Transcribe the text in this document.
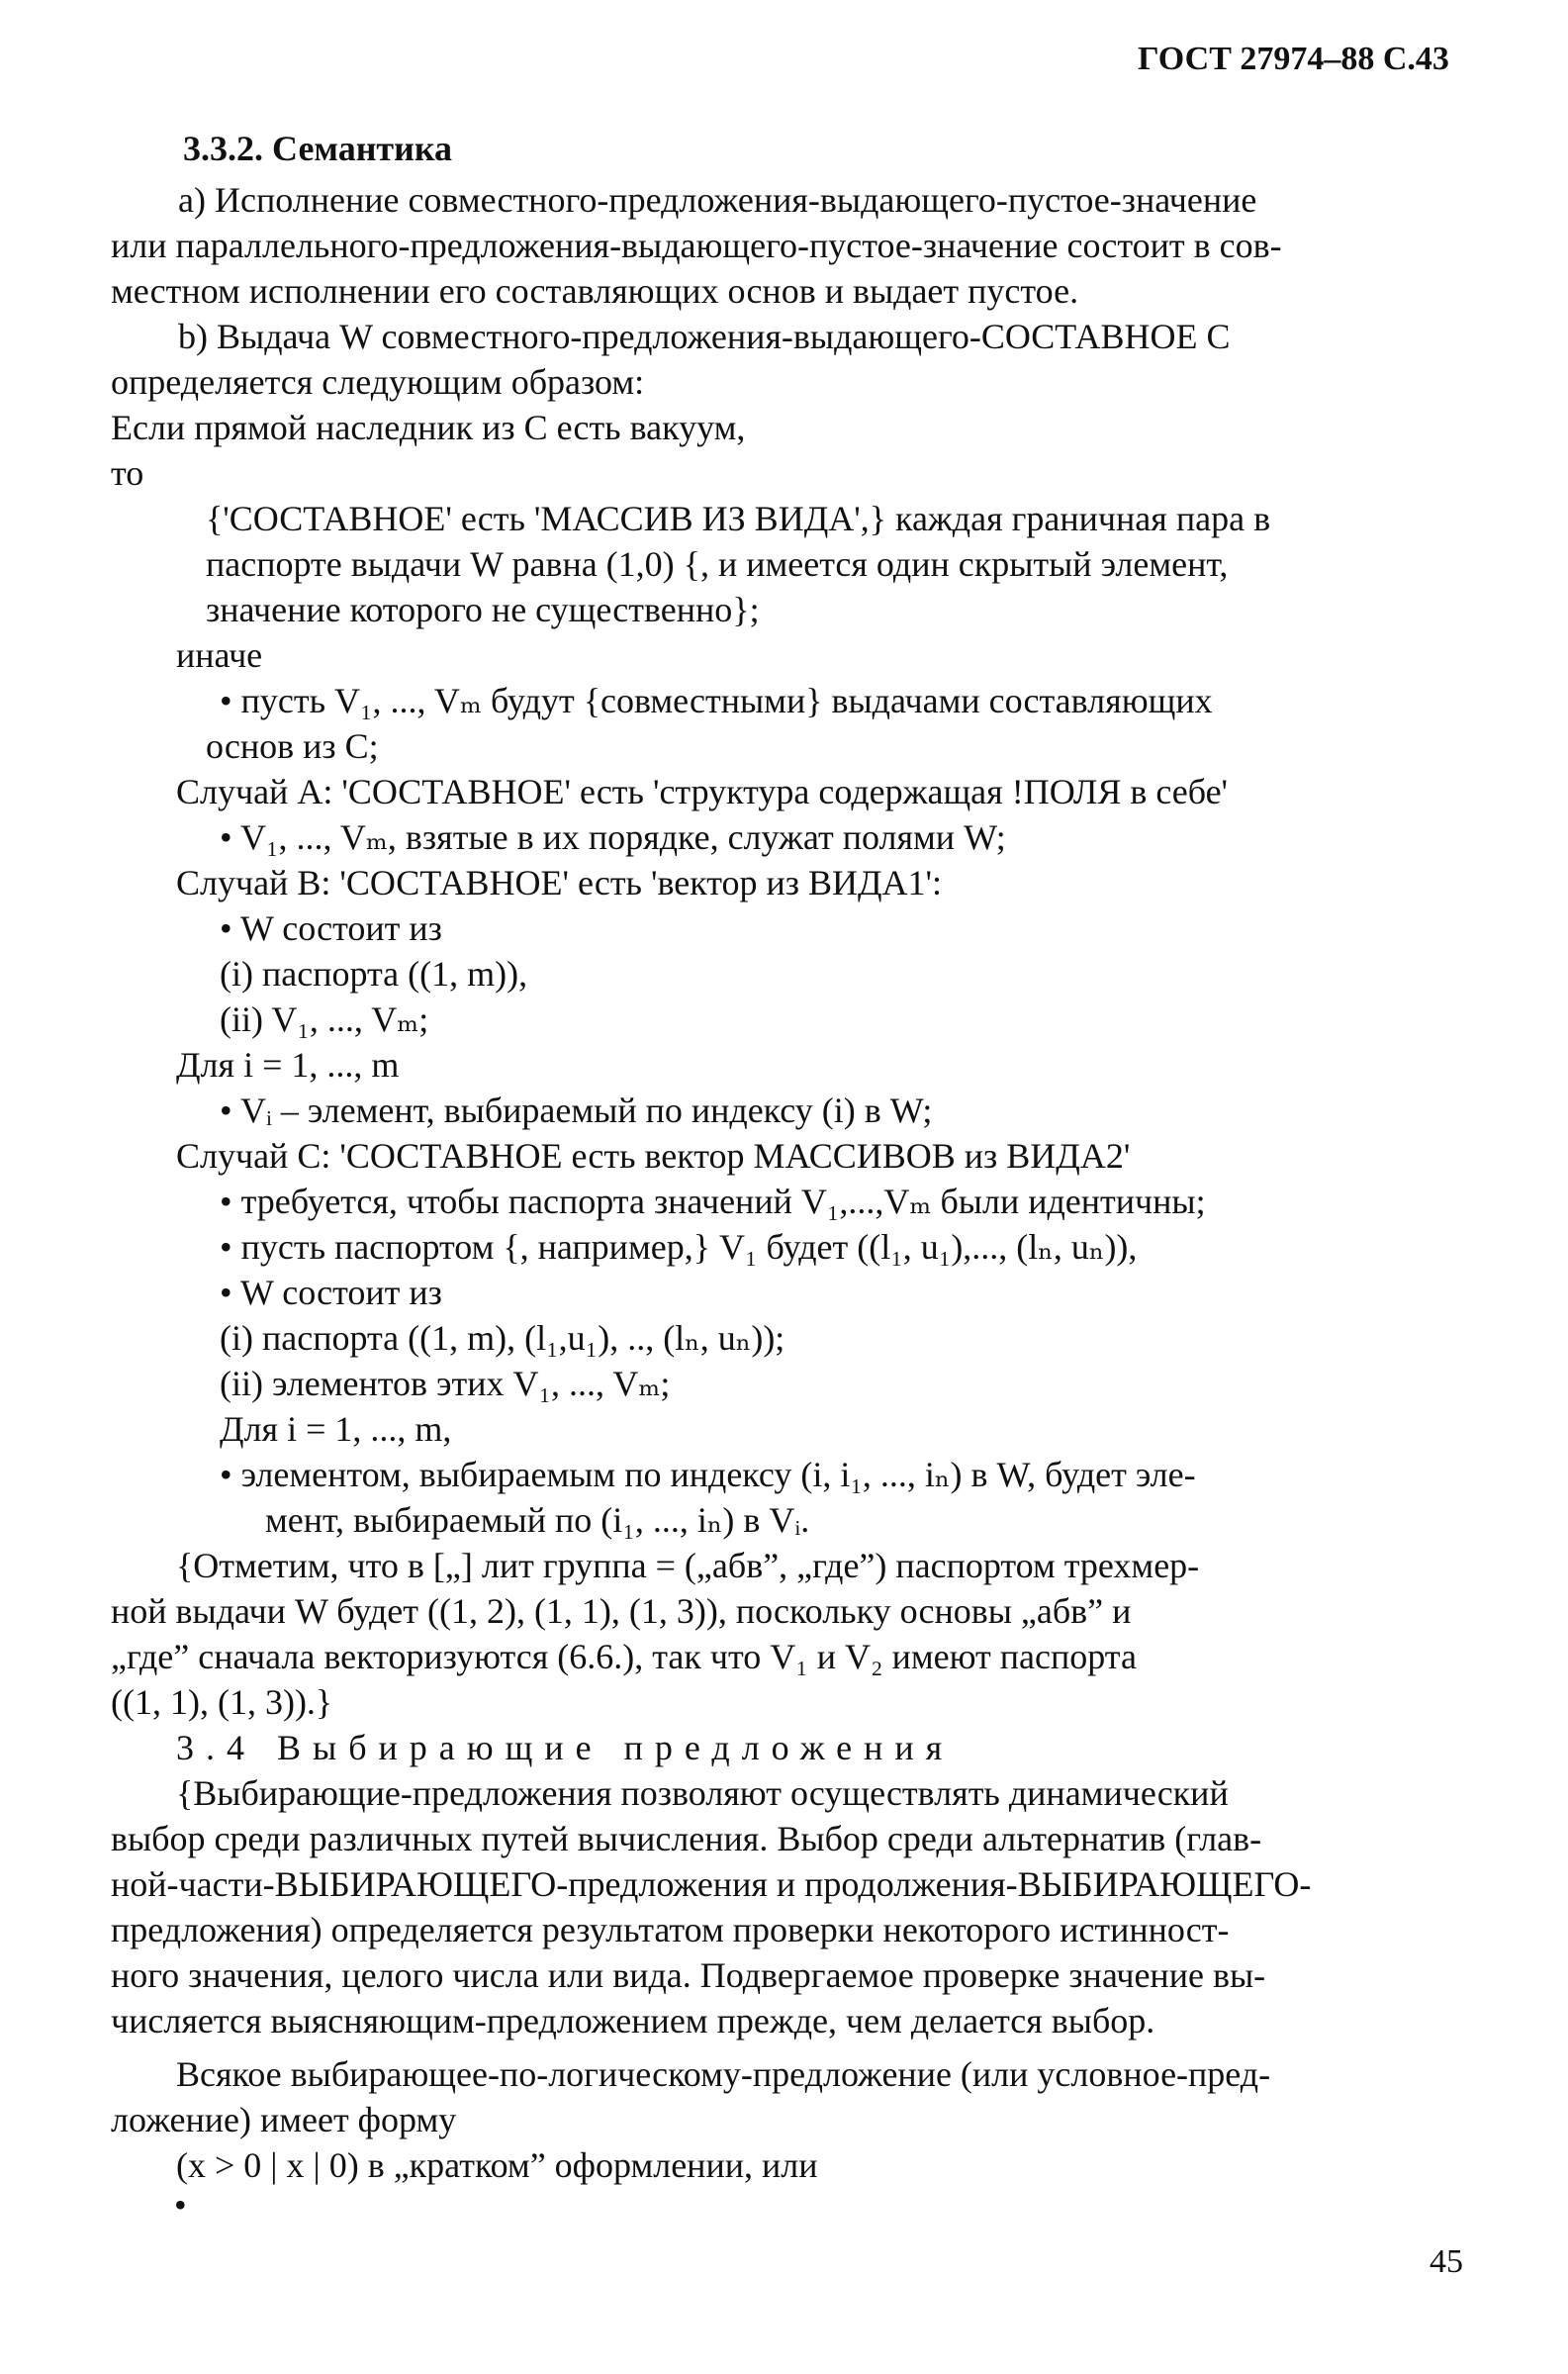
ГОСТ 27974–88 С.43
3.3.2. Семантика
а) Исполнение совместного-предложения-выдающего-пустое-значение
или параллельного-предложения-выдающего-пустое-значение состоит в сов-
местном исполнении его составляющих основ и выдает пустое.
b) Выдача W совместного-предложения-выдающего-СОСТАВНОЕ С
определяется следующим образом:
Если прямой наследник из С есть вакуум,
то
{'СОСТАВНОЕ' есть 'МАССИВ ИЗ ВИДА',} каждая граничная пара в
паспорте выдачи W равна (1,0) {, и имеется один скрытый элемент,
значение которого не существенно};
иначе
• пусть V₁, ..., Vₘ будут {совместными} выдачами составляющих
основ из С;
Случай А: 'СОСТАВНОЕ' есть 'структура содержащая !ПОЛЯ в себе'
• V₁, ..., Vₘ, взятые в их порядке, служат полями W;
Случай В: 'СОСТАВНОЕ' есть 'вектор из ВИДА1':
• W состоит из
(i) паспорта ((1, m)),
(ii) V₁, ..., Vₘ;
Для i = 1, ..., m
• Vᵢ – элемент, выбираемый по индексу (i) в W;
Случай С: 'СОСТАВНОЕ есть вектор МАССИВОВ из ВИДА2'
• требуется, чтобы паспорта значений V₁,...,Vₘ были идентичны;
• пусть паспортом {, например,} V₁ будет ((l₁, u₁),..., (lₙ, uₙ)),
• W состоит из
(i) паспорта ((1, m), (l₁,u₁), .., (lₙ, uₙ));
(ii) элементов этих V₁, ..., Vₘ;
Для i = 1, ..., m,
• элементом, выбираемым по индексу (i, i₁, ..., iₙ) в W, будет эле-
мент, выбираемый по (i₁, ..., iₙ) в Vᵢ.
{Отметим, что в [„] лит группа = („абв”, „где”) паспортом трехмер-
ной выдачи W будет ((1, 2), (1, 1), (1, 3)), поскольку основы „абв” и
„где” сначала векторизуются (6.6.), так что V₁ и V₂ имеют паспорта
((1, 1), (1, 3)).}
3.4 Выбирающие предложения
{Выбирающие-предложения позволяют осуществлять динамический
выбор среди различных путей вычисления. Выбор среди альтернатив (глав-
ной-части-ВЫБИРАЮЩЕГО-предложения и продолжения-ВЫБИРАЮЩЕГО-
предложения) определяется результатом проверки некоторого истинност-
ного значения, целого числа или вида. Подвергаемое проверке значение вы-
числяется выясняющим-предложением прежде, чем делается выбор.
Всякое выбирающее-по-логическому-предложение (или условное-пред-
ложение) имеет форму
(x > 0 | x | 0) в „кратком” оформлении, или
•
45
